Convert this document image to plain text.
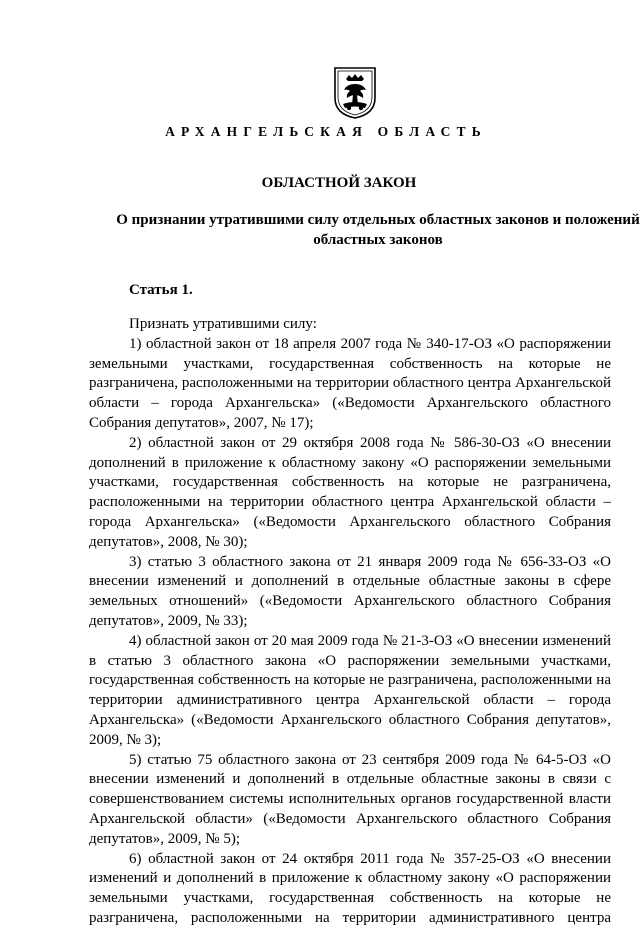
АРХАНГЕЛЬСКАЯ ОБЛАСТЬ
ОБЛАСТНОЙ ЗАКОН
О признании утратившими силу отдельных областных законов и положений областных законов
Статья 1.

Признать утратившими силу:

1) областной закон от 18 апреля 2007 года № 340-17-ОЗ «О распоряжении земельными участками, государственная собственность на которые не разграничена, расположенными на территории областного центра Архангельской области – города Архангельска» («Ведомости Архангельского областного Собрания депутатов», 2007, № 17);

2) областной закон от 29 октября 2008 года № 586-30-ОЗ «О внесении дополнений в приложение к областному закону «О распоряжении земельными участками, государственная собственность на которые не разграничена, расположенными на территории областного центра Архангельской области – города Архангельска» («Ведомости Архангельского областного Собрания депутатов», 2008, № 30);

3) статью 3 областного закона от 21 января 2009 года № 656-33-ОЗ «О внесении изменений и дополнений в отдельные областные законы в сфере земельных отношений» («Ведомости Архангельского областного Собрания депутатов», 2009, № 33);

4) областной закон от 20 мая 2009 года № 21-3-ОЗ «О внесении изменений в статью 3 областного закона «О распоряжении земельными участками, государственная собственность на которые не разграничена, расположенными на территории административного центра Архангельской области – города Архангельска» («Ведомости Архангельского областного Собрания депутатов», 2009, № 3);

5) статью 75 областного закона от 23 сентября 2009 года № 64-5-ОЗ «О внесении изменений и дополнений в отдельные областные законы в связи с совершенствованием системы исполнительных органов государственной власти Архангельской области» («Ведомости Архангельского областного Собрания депутатов», 2009, № 5);

6) областной закон от 24 октября 2011 года № 357-25-ОЗ «О внесении изменений и дополнений в приложение к областному закону «О распоряжении земельными участками, государственная собственность на которые не разграничена, расположенными на территории административного центра
